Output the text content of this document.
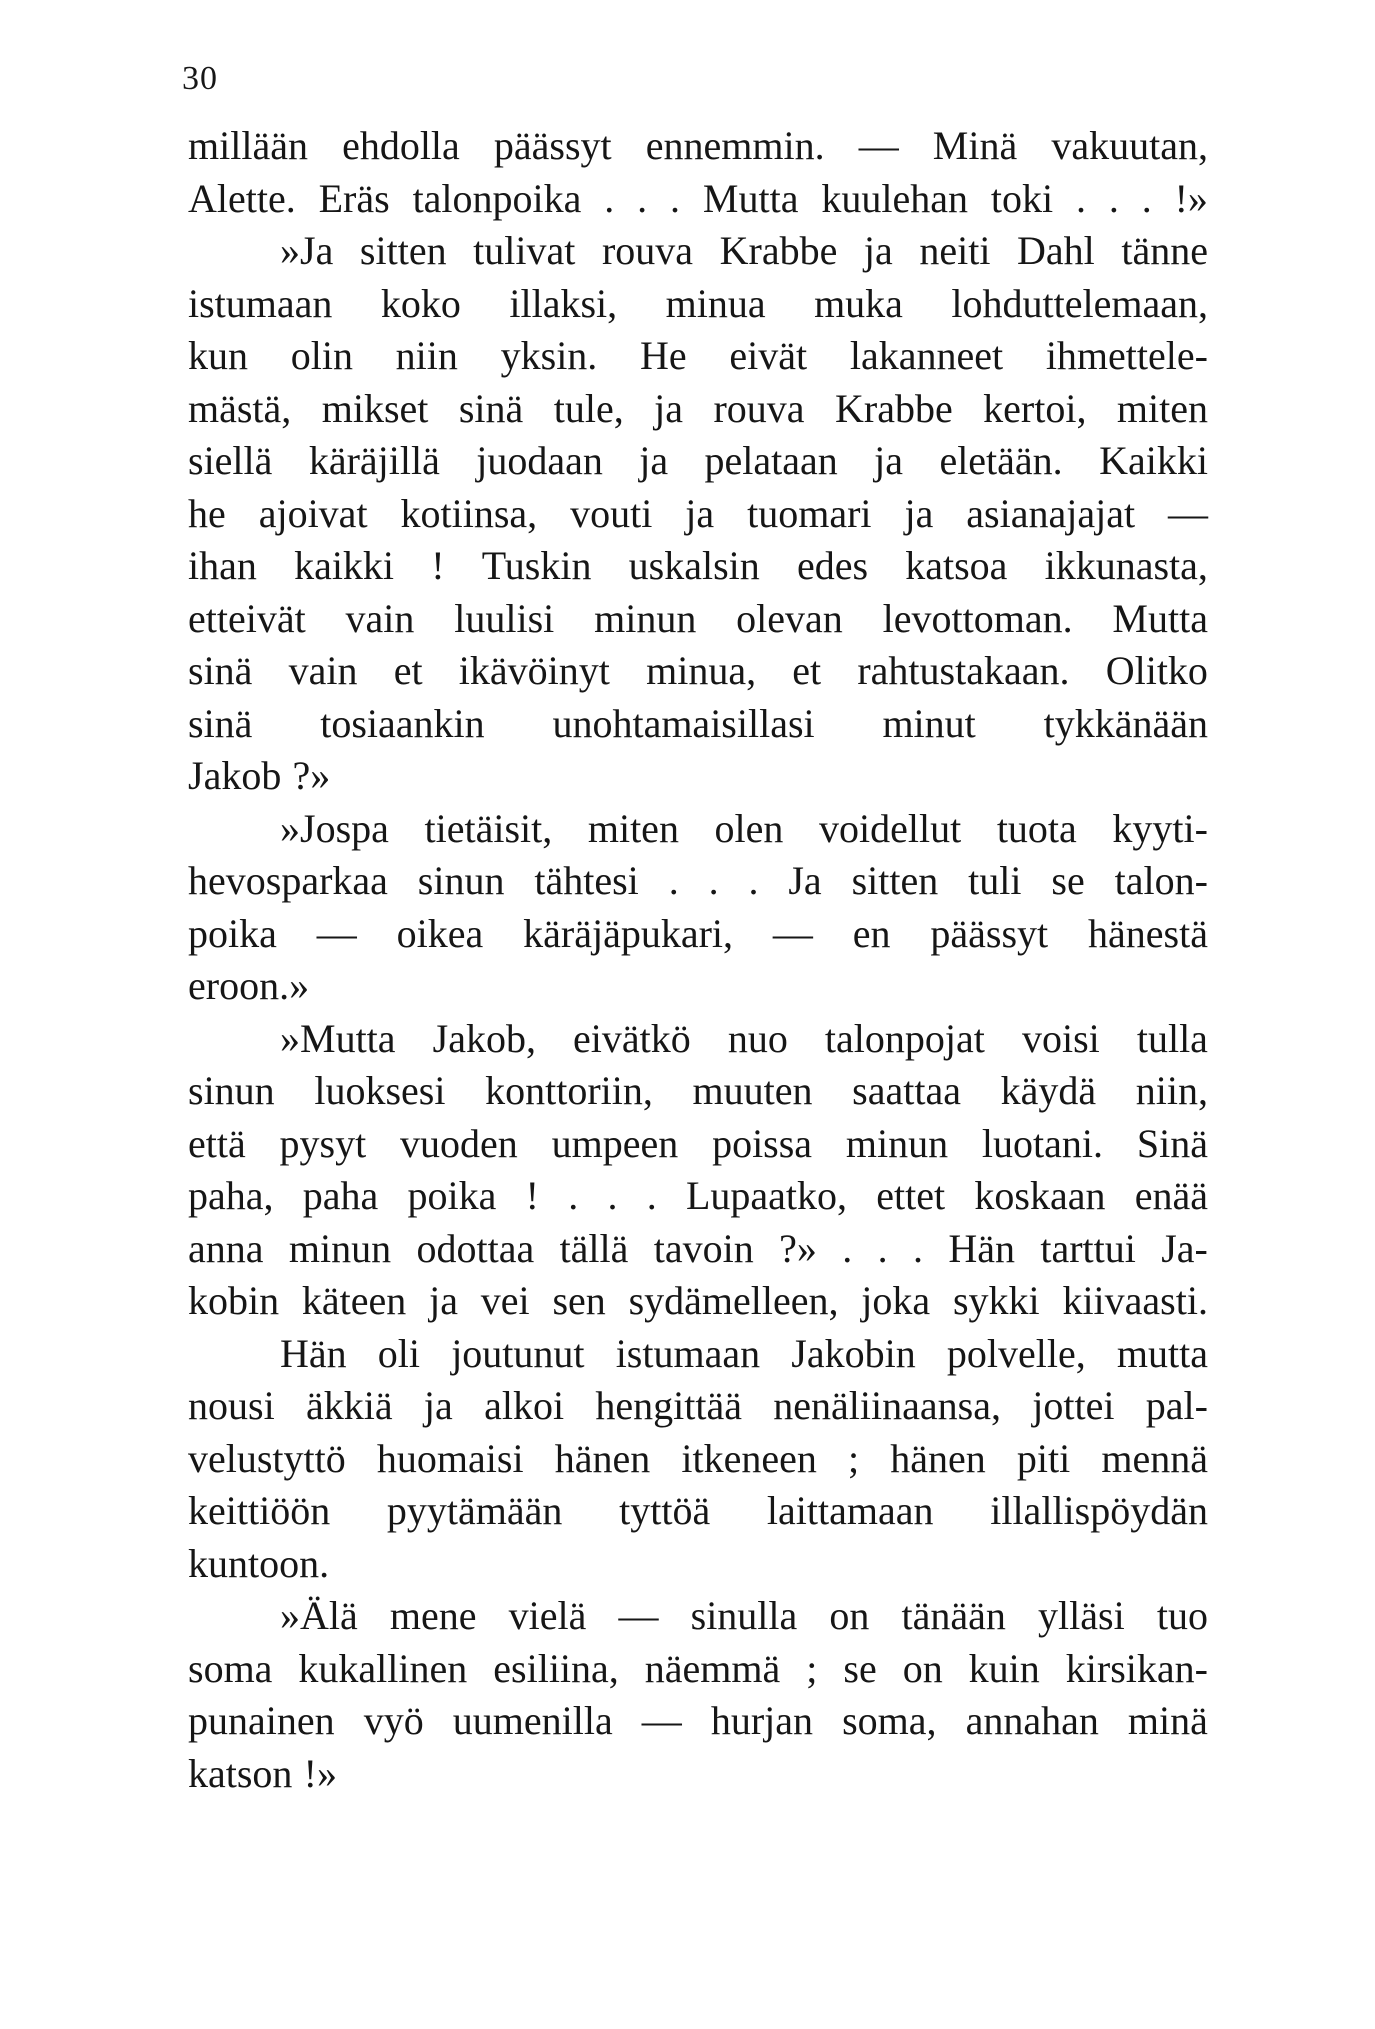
30
millään ehdolla päässyt ennemmin. — Minä vakuutan,
Alette. Eräs talonpoika . . . Mutta kuulehan toki . . . !»
»Ja sitten tulivat rouva Krabbe ja neiti Dahl tänne
istumaan koko illaksi, minua muka lohduttelemaan,
kun olin niin yksin. He eivät lakanneet ihmettele-
mästä, mikset sinä tule, ja rouva Krabbe kertoi, miten
siellä käräjillä juodaan ja pelataan ja eletään. Kaikki
he ajoivat kotiinsa, vouti ja tuomari ja asianajajat —
ihan kaikki ! Tuskin uskalsin edes katsoa ikkunasta,
etteivät vain luulisi minun olevan levottoman. Mutta
sinä vain et ikävöinyt minua, et rahtustakaan. Olitko
sinä tosiaankin unohtamaisillasi minut tykkänään
Jakob ?»
»Jospa tietäisit, miten olen voidellut tuota kyyti-
hevosparkaa sinun tähtesi . . . Ja sitten tuli se talon-
poika — oikea käräjäpukari, — en päässyt hänestä
eroon.»
»Mutta Jakob, eivätkö nuo talonpojat voisi tulla
sinun luoksesi konttoriin, muuten saattaa käydä niin,
että pysyt vuoden umpeen poissa minun luotani. Sinä
paha, paha poika ! . . . Lupaatko, ettet koskaan enää
anna minun odottaa tällä tavoin ?» . . . Hän tarttui Ja-
kobin käteen ja vei sen sydämelleen, joka sykki kiivaasti.
Hän oli joutunut istumaan Jakobin polvelle, mutta
nousi äkkiä ja alkoi hengittää nenäliinaansa, jottei pal-
velustyttö huomaisi hänen itkeneen ; hänen piti mennä
keittiöön pyytämään tyttöä laittamaan illallispöydän
kuntoon.
»Älä mene vielä — sinulla on tänään ylläsi tuo
soma kukallinen esiliina, näemmä ; se on kuin kirsikan-
punainen vyö uumenilla — hurjan soma, annahan minä
katson !»
